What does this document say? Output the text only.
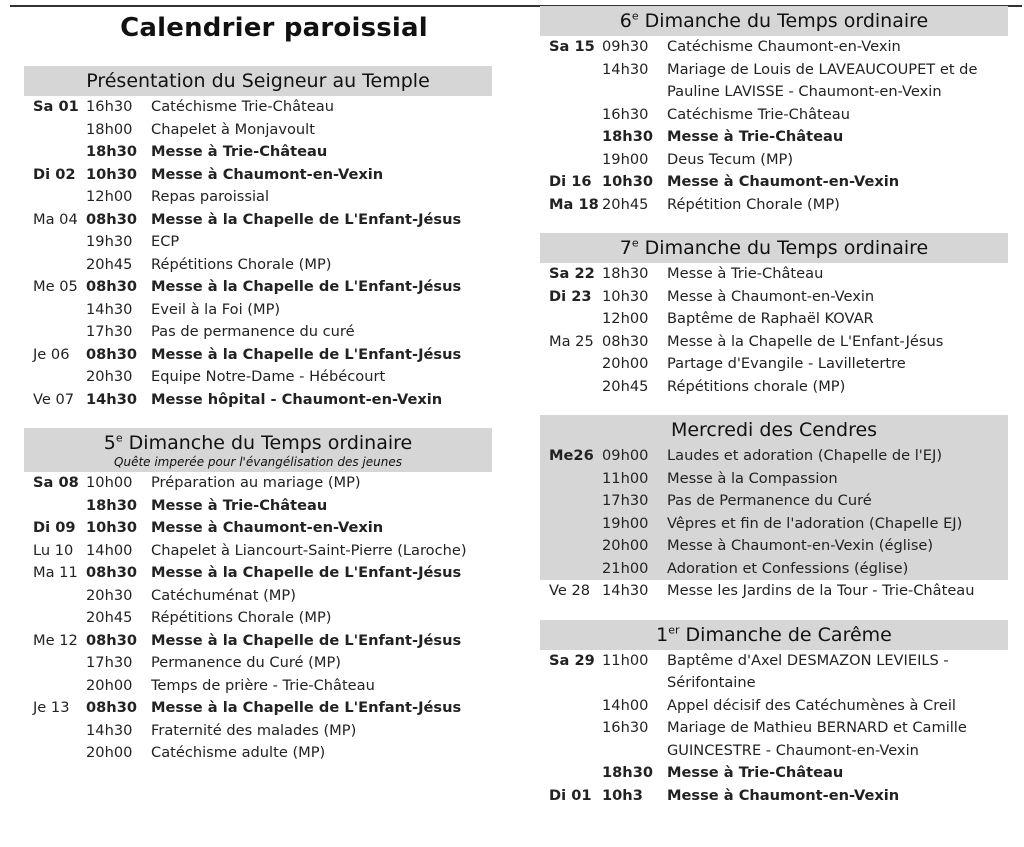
Calendrier paroissial
Présentation du Seigneur au Temple
Sa 01 16h30	Catéchisme Trie-Château
18h00	Chapelet à Monjavoult
18h30 Messe à Trie-Château
Di 02 10h30 Messe à Chaumont-en-Vexin
12h00	Repas paroissial
Ma 04 08h30 Messe à la Chapelle de L'Enfant-Jésus
19h30	ECP
20h45	Répétitions Chorale (MP)
Me 05 08h30 Messe à la Chapelle de L'Enfant-Jésus
14h30	Eveil à la Foi (MP)
17h30	Pas de permanence du curé
Je 06	08h30 Messe à la Chapelle de L'Enfant-Jésus
20h30	Equipe Notre-Dame - Hébécourt
Ve 07 14h30 Messe hôpital - Chaumont-en-Vexin
5e Dimanche du Temps ordinaire
Quête imperée pour l'évangélisation des jeunes
Sa 08 10h00	Préparation au mariage (MP)
18h30 Messe à Trie-Château
Di 09 10h30 Messe à Chaumont-en-Vexin
Lu 10 14h00	Chapelet à Liancourt-Saint-Pierre (Laroche)
Ma 11 08h30 Messe à la Chapelle de L'Enfant-Jésus
20h30	Catéchuménat (MP)
20h45	Répétitions Chorale (MP)
Me 12 08h30 Messe à la Chapelle de L'Enfant-Jésus
17h30	Permanence du Curé (MP)
20h00	Temps de prière - Trie-Château
Je 13	08h30 Messe à la Chapelle de L'Enfant-Jésus
14h30	Fraternité des malades (MP)
20h00	Catéchisme adulte (MP)
6e Dimanche du Temps ordinaire
Sa 15 09h30	Catéchisme Chaumont-en-Vexin
14h30	Mariage de Louis de LAVEAUCOUPET et de Pauline LAVISSE - Chaumont-en-Vexin
16h30	Catéchisme Trie-Château
18h30 Messe à Trie-Château
19h00	Deus Tecum (MP)
Di 16 10h30 Messe à Chaumont-en-Vexin
Ma 18 20h45	Répétition Chorale (MP)
7e Dimanche du Temps ordinaire
Sa 22 18h30	Messe à Trie-Château
Di 23 10h30	Messe à Chaumont-en-Vexin
12h00	Baptême de Raphaël KOVAR
Ma 25 08h30	Messe à la Chapelle de L'Enfant-Jésus
20h00	Partage d'Evangile - Lavilletertre
20h45	Répétitions chorale (MP)
Mercredi des Cendres
Me26 09h00	Laudes et adoration (Chapelle de l'EJ)
11h00	Messe à la Compassion
17h30	Pas de Permanence du Curé
19h00	Vêpres et fin de l'adoration (Chapelle EJ)
20h00	Messe à Chaumont-en-Vexin (église)
21h00	Adoration et Confessions (église)
Ve 28 14h30	Messe les Jardins de la Tour - Trie-Château
1er Dimanche de Carême
Sa 29 11h00	Baptême d'Axel DESMAZON LEVIEILS - Sérifontaine
14h00	Appel décisif des Catéchumènes à Creil
16h30	Mariage de Mathieu BERNARD et Camille GUINCESTRE - Chaumont-en-Vexin
18h30 Messe à Trie-Château
Di 01 10h3	Messe à Chaumont-en-Vexin
